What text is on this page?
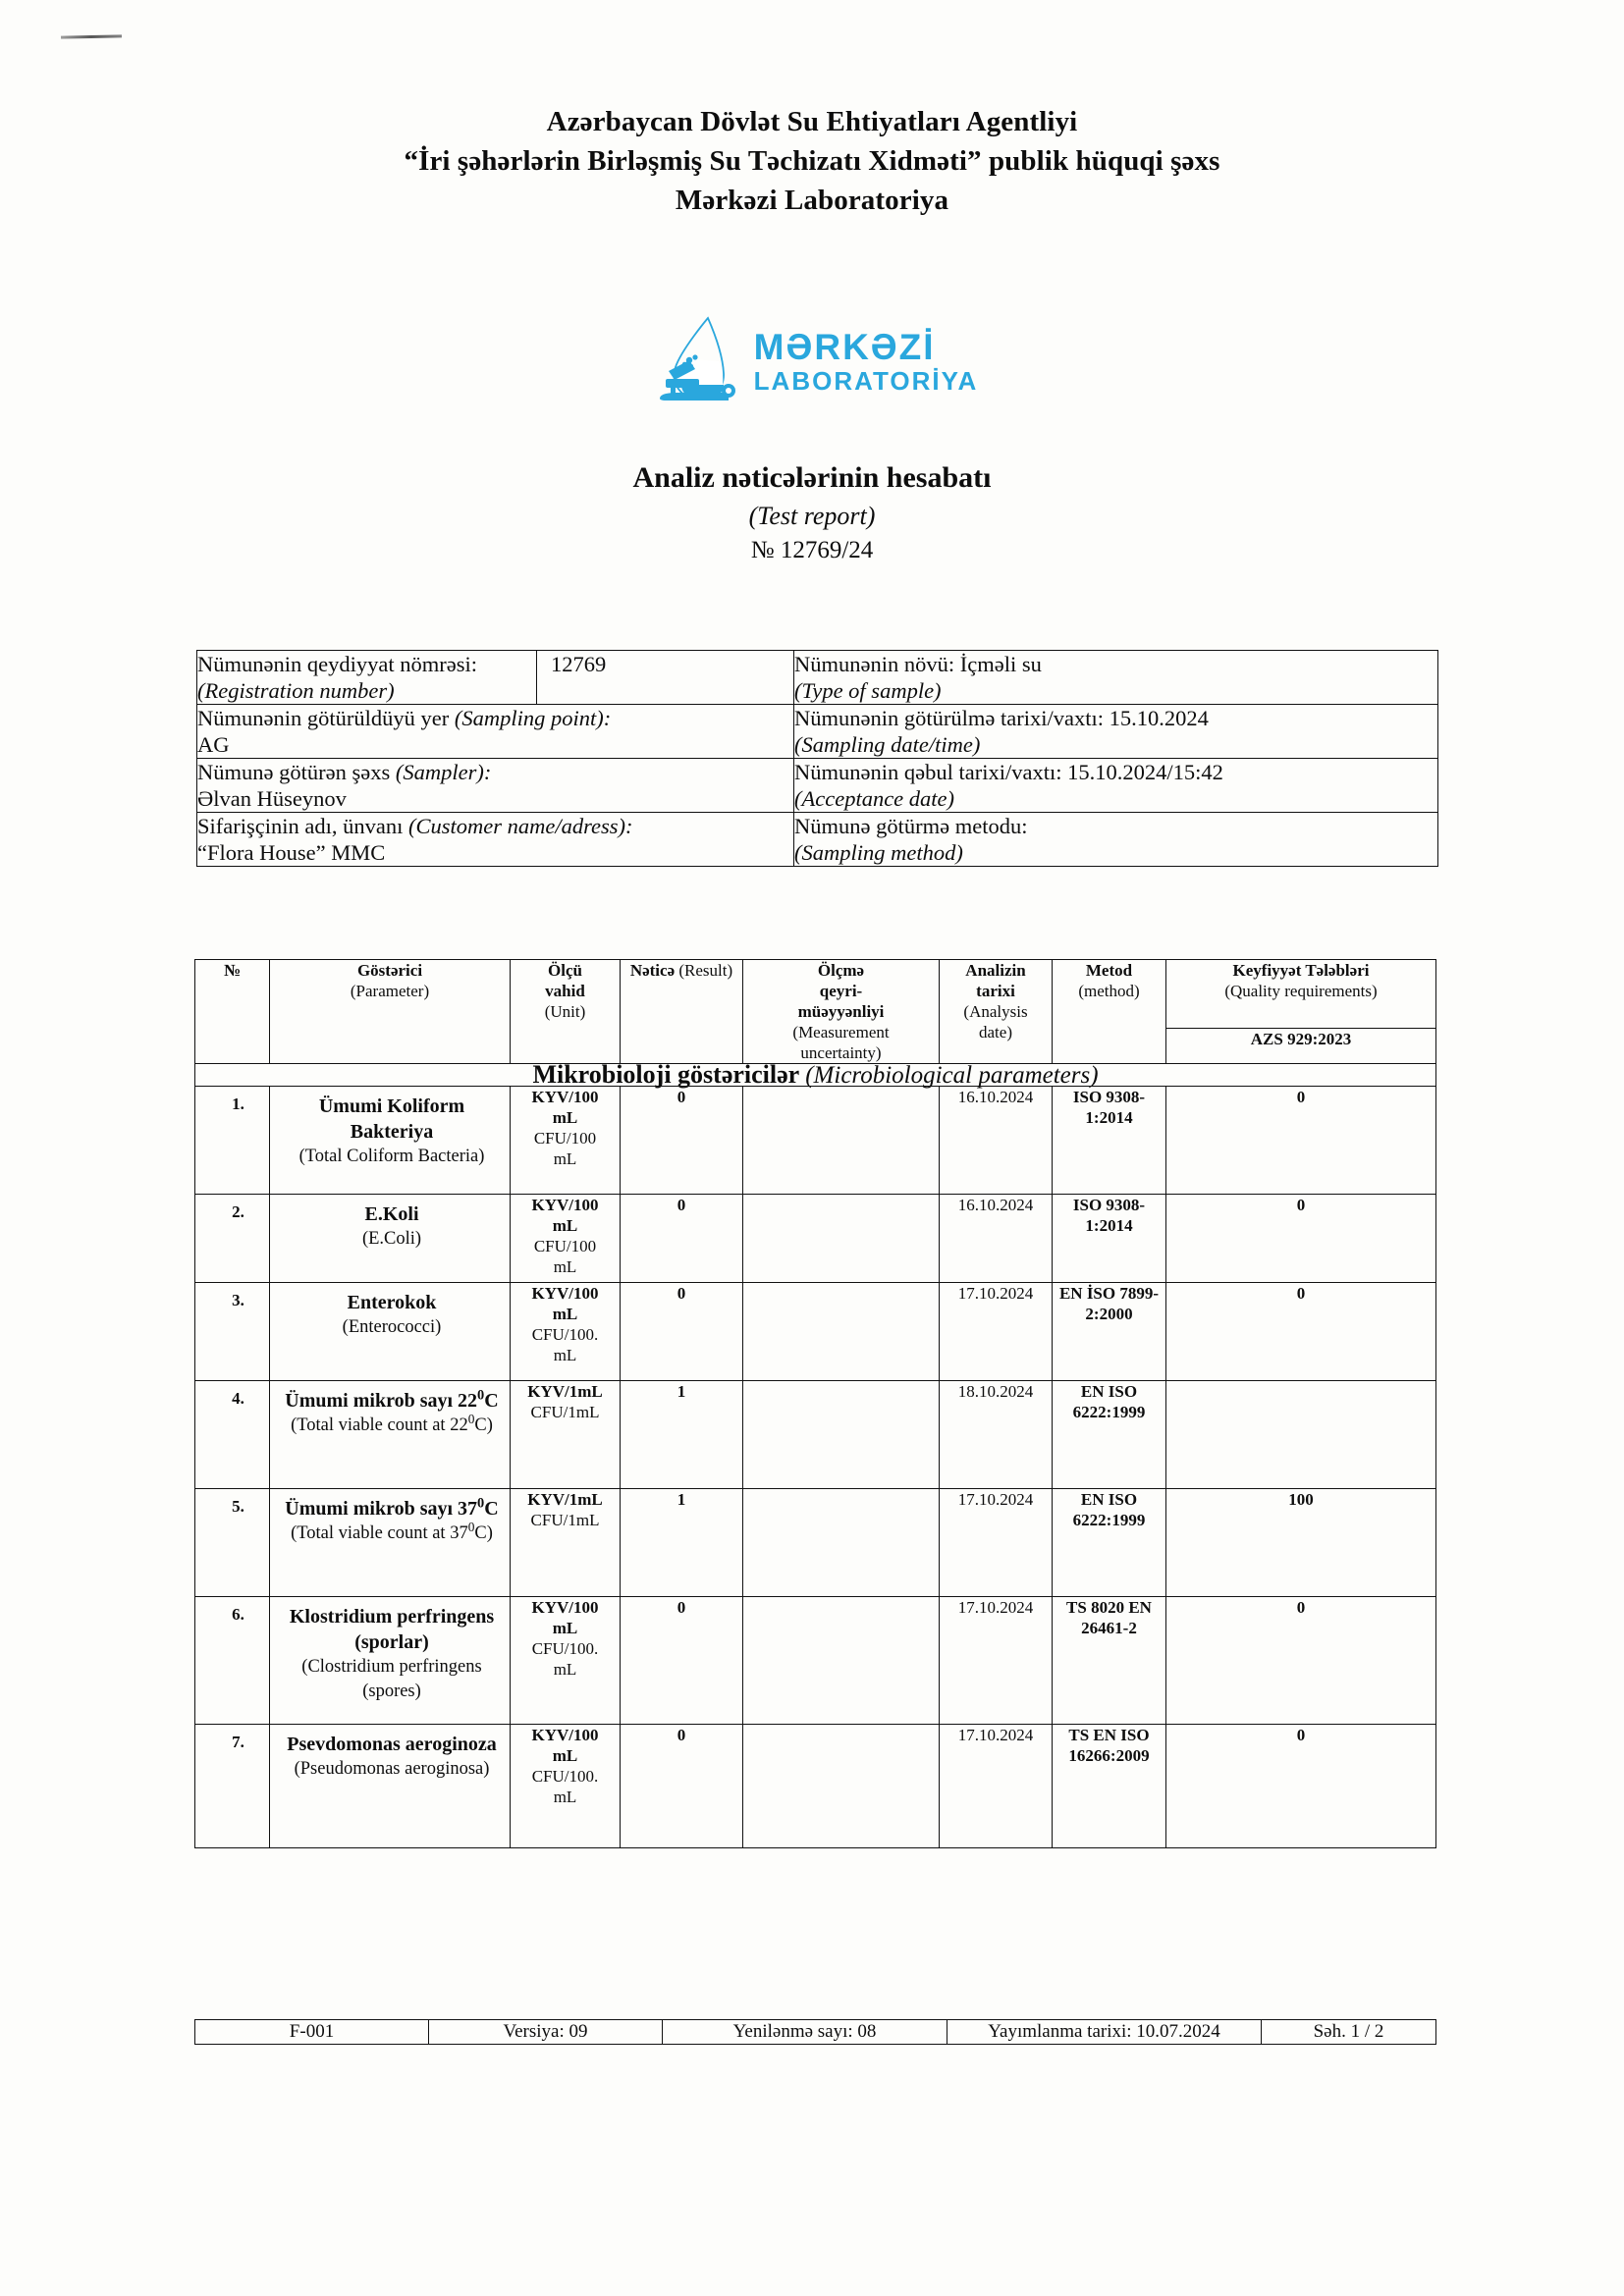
Azərbaycan Dövlət Su Ehtiyatları Agentliyi
“İri şəhərlərin Birləşmiş Su Təchizatı Xidməti” publik hüquqi şəxs
Mərkəzi Laboratoriya
MƏRKƏZİ
LABORATORİYA
Analiz nəticələrinin hesabatı
(Test report)
№ 12769/24
Nümunənin qeydiyyat nömrəsi:
(Registration number)	12769	Nümunənin növü: İçməli su
(Type of sample)
Nümunənin götürüldüyü yer (Sampling point):
AG		Nümunənin götürülmə tarixi/vaxtı: 15.10.2024
(Sampling date/time)
Nümunə götürən şəxs (Sampler):
Əlvan Hüseynov		Nümunənin qəbul tarixi/vaxtı: 15.10.2024/15:42
(Acceptance date)
Sifarişçinin adı, ünvanı (Customer name/adress):
“Flora House” MMC		Nümunə götürmə metodu:
(Sampling method)
№	Göstərici
(Parameter)	Ölçü
vahid
(Unit)	Nəticə (Result)	Ölçmə
qeyri-
müəyyənliyi
(Measurement
uncertainty)	Analizin
tarixi
(Analysis
date)	Metod
(method)	Keyfiyyət Tələbləri
(Quality requirements)

							AZS 929:2023
Mikrobioloji göstəricilər (Microbiological parameters)							
1.	Ümumi Koliform Bakteriya
(Total Coliform Bacteria)	KYV/100
mL
CFU/100
mL	0		16.10.2024	ISO 9308-1:2014	0
2.	E.Koli
(E.Coli)	KYV/100
mL
CFU/100
mL	0		16.10.2024	ISO 9308-1:2014	0
3.	Enterokok
(Enterococci)	KYV/100
mL
CFU/100.
mL	0		17.10.2024	EN İSO 7899-2:2000	0
4.	Ümumi mikrob sayı $22^0C$
(Total viable count at $22^0C$)	KYV/1mL
CFU/1mL	1		18.10.2024	EN ISO 6222:1999	
5.	Ümumi mikrob sayı $37^0C$
(Total viable count at $37^0C$)	KYV/1mL
CFU/1mL	1		17.10.2024	EN ISO 6222:1999	100
6.	Klostridium perfringens (sporlar)
(Clostridium perfringens (spores)	KYV/100
mL
CFU/100.
mL	0		17.10.2024	TS 8020 EN 26461-2	0
7.	Psevdomonas aeroginoza
(Pseudomonas aeroginosa)	KYV/100
mL
CFU/100.
mL	0		17.10.2024	TS EN ISO 16266:2009	0
F-001	Versiya: 09	Yenilənmə sayı: 08	Yayımlanma tarixi: 10.07.2024	Səh. 1 / 2
